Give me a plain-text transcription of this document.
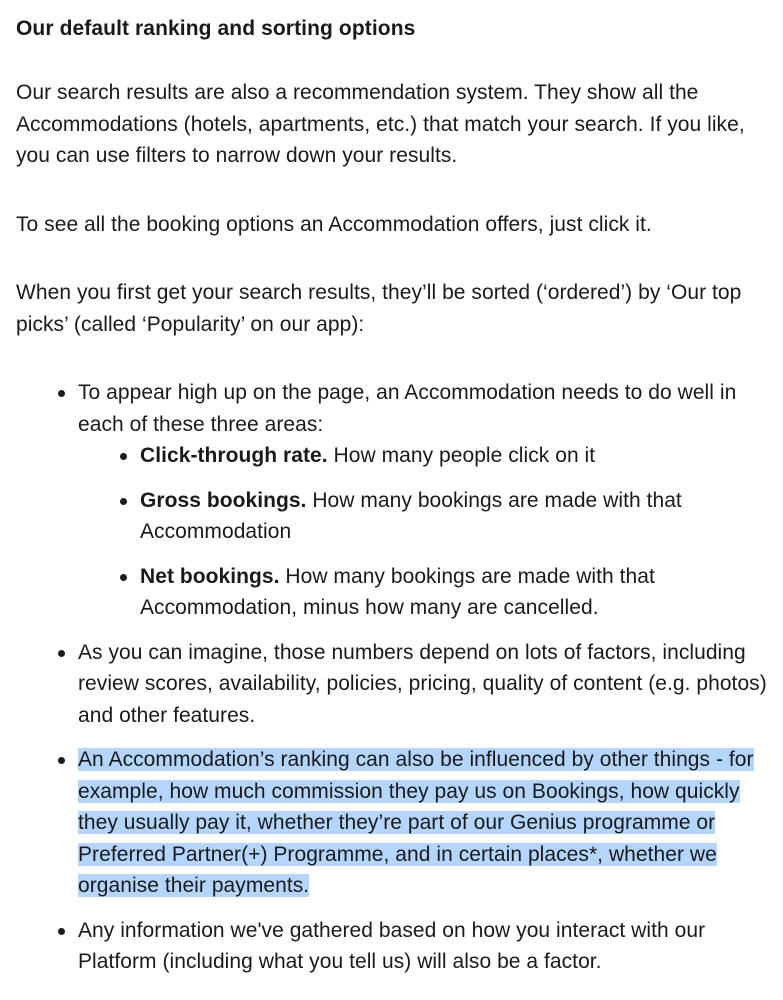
Our default ranking and sorting options

Our search results are also a recommendation system. They show all the Accommodations (hotels, apartments, etc.) that match your search. If you like, you can use filters to narrow down your results.

To see all the booking options an Accommodation offers, just click it.

When you first get your search results, they’ll be sorted (‘ordered’) by ‘Our top picks’ (called ‘Popularity’ on our app):

To appear high up on the page, an Accommodation needs to do well in each of these three areas:
Click-through rate. How many people click on it
Gross bookings. How many bookings are made with that Accommodation
Net bookings. How many bookings are made with that Accommodation, minus how many are cancelled.
As you can imagine, those numbers depend on lots of factors, including review scores, availability, policies, pricing, quality of content (e.g. photos) and other features.
An Accommodation’s ranking can also be influenced by other things - for example, how much commission they pay us on Bookings, how quickly they usually pay it, whether they’re part of our Genius programme or Preferred Partner(+) Programme, and in certain places*, whether we organise their payments.
Any information we've gathered based on how you interact with our Platform (including what you tell us) will also be a factor.
